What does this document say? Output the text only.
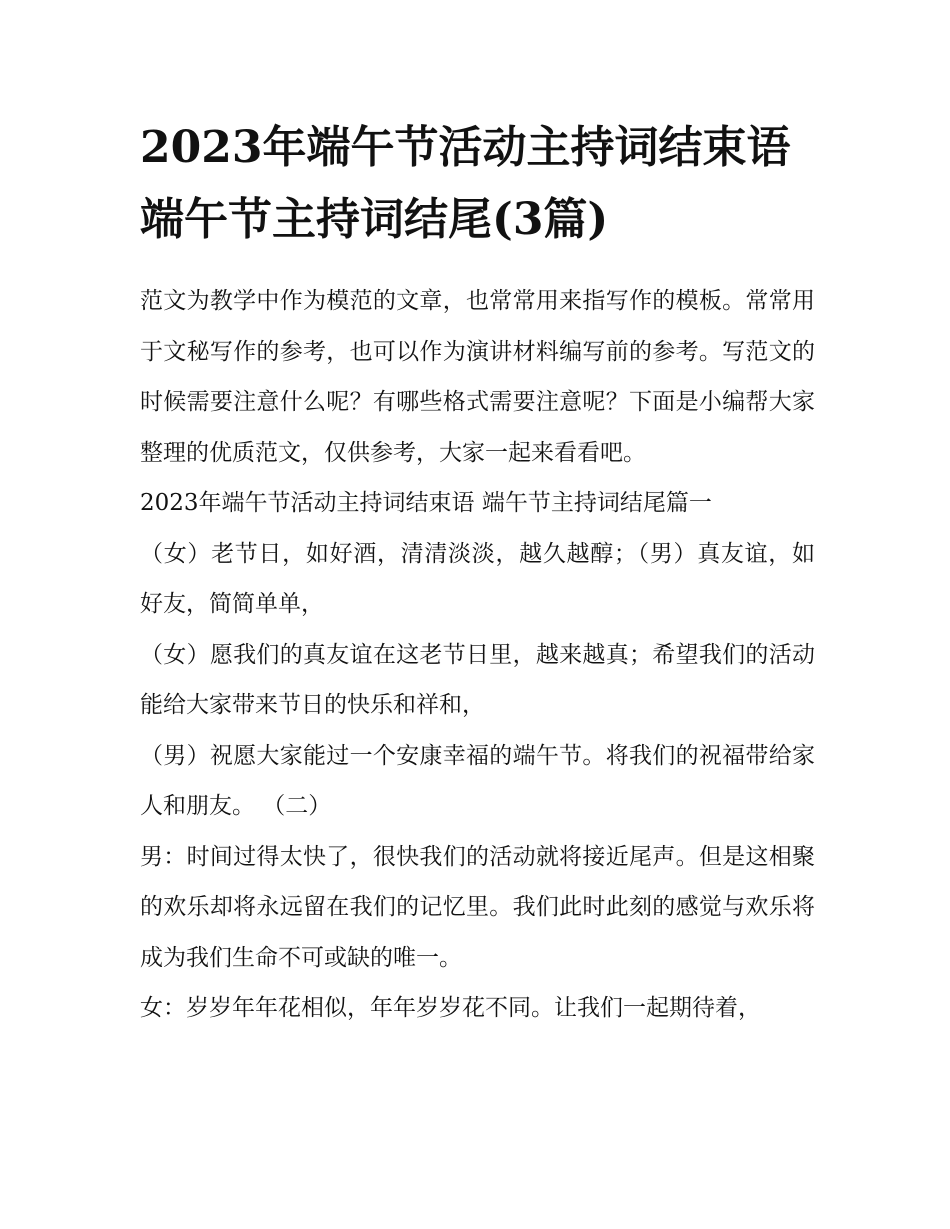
2023年端午节活动主持词结束语 端午节主持词结尾(3篇)

范文为教学中作为模范的文章，也常常用来指写作的模板。常常用于文秘写作的参考，也可以作为演讲材料编写前的参考。写范文的时候需要注意什么呢？有哪些格式需要注意呢？下面是小编帮大家整理的优质范文，仅供参考，大家一起来看看吧。

2023年端午节活动主持词结束语 端午节主持词结尾篇一

（女）老节日，如好酒，清清淡淡，越久越醇；（男）真友谊，如好友，简简单单，

（女）愿我们的真友谊在这老节日里，越来越真；希望我们的活动能给大家带来节日的快乐和祥和，

（男）祝愿大家能过一个安康幸福的端午节。将我们的祝福带给家人和朋友。 （二）

男：时间过得太快了，很快我们的活动就将接近尾声。但是这相聚的欢乐却将永远留在我们的记忆里。我们此时此刻的感觉与欢乐将成为我们生命不可或缺的唯一。

女：岁岁年年花相似，年年岁岁花不同。让我们一起期待着，
